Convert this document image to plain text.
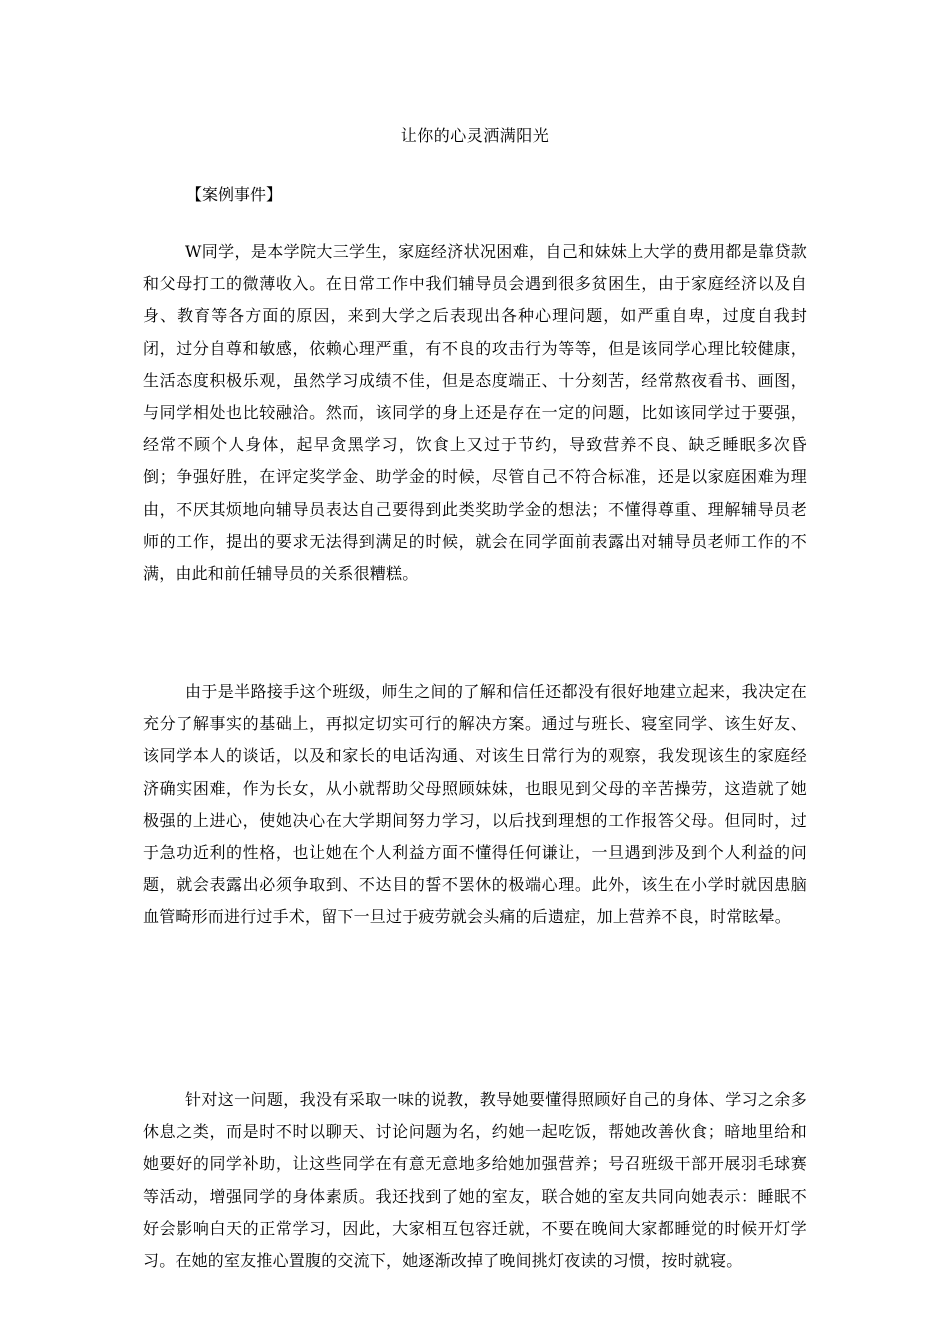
让你的心灵洒满阳光
【案例事件】

W同学，是本学院大三学生，家庭经济状况困难，自己和妹妹上大学的费用都是靠贷款和父母打工的微薄收入。在日常工作中我们辅导员会遇到很多贫困生，由于家庭经济以及自身、教育等各方面的原因，来到大学之后表现出各种心理问题，如严重自卑，过度自我封闭，过分自尊和敏感，依赖心理严重，有不良的攻击行为等等，但是该同学心理比较健康，生活态度积极乐观，虽然学习成绩不佳，但是态度端正、十分刻苦，经常熬夜看书、画图，与同学相处也比较融洽。然而，该同学的身上还是存在一定的问题，比如该同学过于要强，经常不顾个人身体，起早贪黑学习，饮食上又过于节约，导致营养不良、缺乏睡眠多次昏倒；争强好胜，在评定奖学金、助学金的时候，尽管自己不符合标准，还是以家庭困难为理由，不厌其烦地向辅导员表达自己要得到此类奖助学金的想法；不懂得尊重、理解辅导员老师的工作，提出的要求无法得到满足的时候，就会在同学面前表露出对辅导员老师工作的不满，由此和前任辅导员的关系很糟糕。

由于是半路接手这个班级，师生之间的了解和信任还都没有很好地建立起来，我决定在充分了解事实的基础上，再拟定切实可行的解决方案。通过与班长、寝室同学、该生好友、该同学本人的谈话，以及和家长的电话沟通、对该生日常行为的观察，我发现该生的家庭经济确实困难，作为长女，从小就帮助父母照顾妹妹，也眼见到父母的辛苦操劳，这造就了她极强的上进心，使她决心在大学期间努力学习，以后找到理想的工作报答父母。但同时，过于急功近利的性格，也让她在个人利益方面不懂得任何谦让，一旦遇到涉及到个人利益的问题，就会表露出必须争取到、不达目的誓不罢休的极端心理。此外，该生在小学时就因患脑血管畸形而进行过手术，留下一旦过于疲劳就会头痛的后遗症，加上营养不良，时常眩晕。

针对这一问题，我没有采取一味的说教，教导她要懂得照顾好自己的身体、学习之余多休息之类，而是时不时以聊天、讨论问题为名，约她一起吃饭，帮她改善伙食；暗地里给和她要好的同学补助，让这些同学在有意无意地多给她加强营养；号召班级干部开展羽毛球赛等活动，增强同学的身体素质。我还找到了她的室友，联合她的室友共同向她表示：睡眠不好会影响白天的正常学习，因此，大家相互包容迁就，不要在晚间大家都睡觉的时候开灯学习。在她的室友推心置腹的交流下，她逐渐改掉了晚间挑灯夜读的习惯，按时就寝。
